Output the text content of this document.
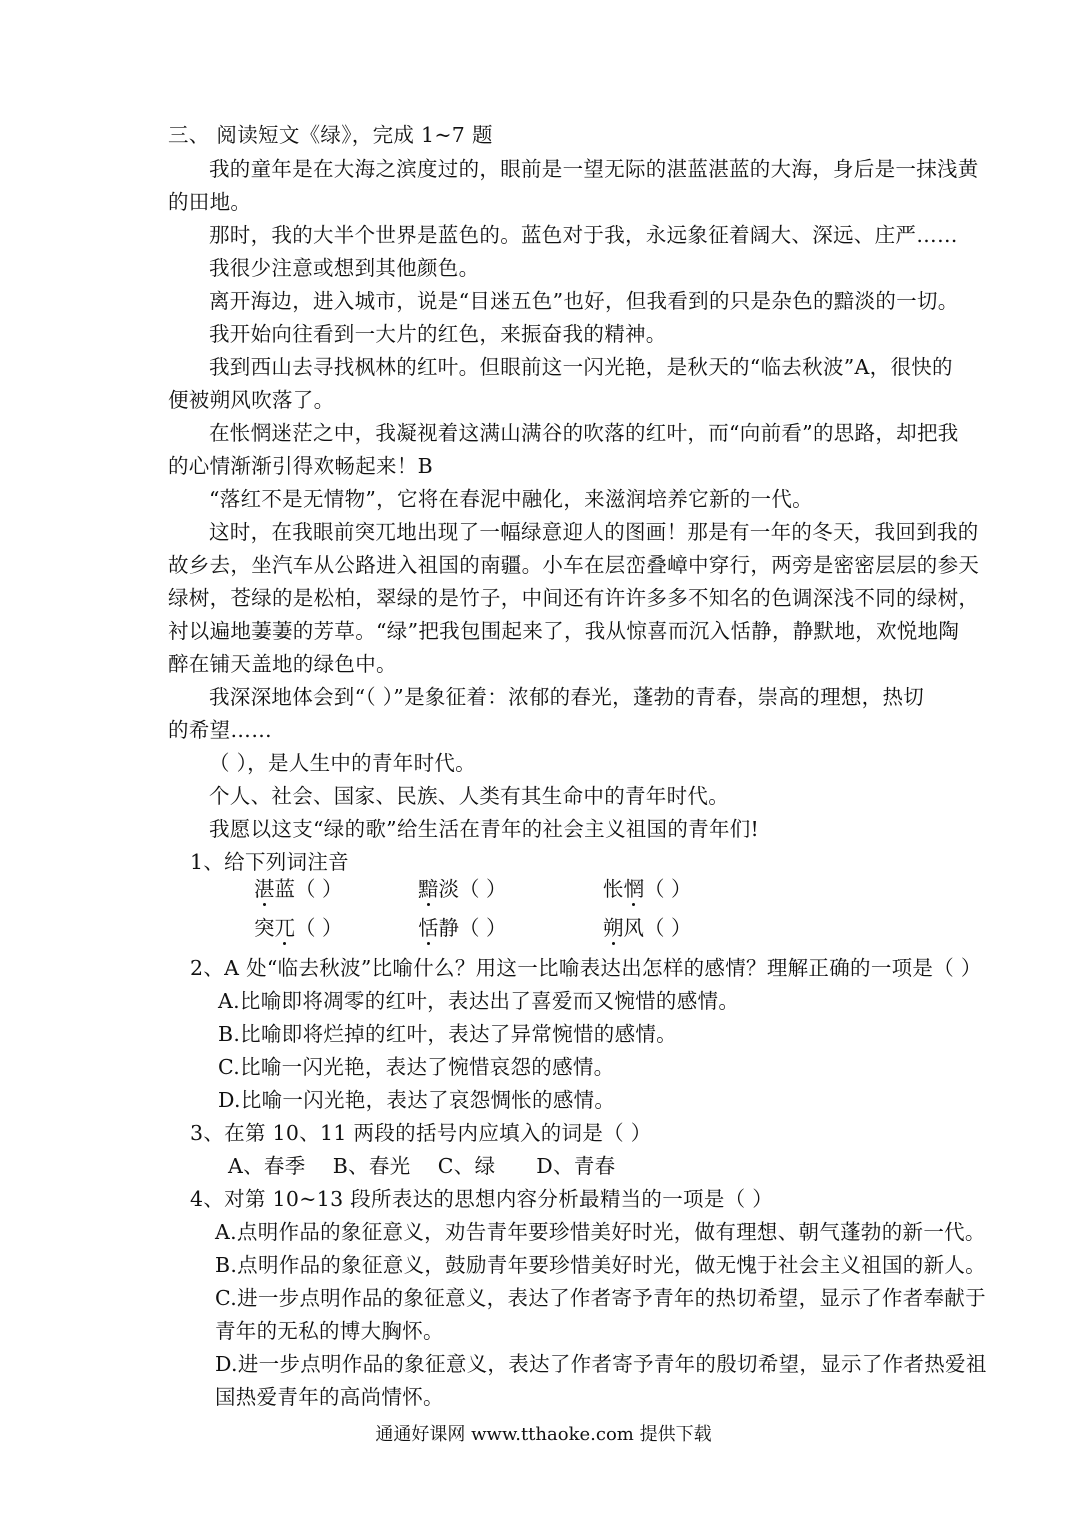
三、 阅读短文《绿》，完成 1~7 题
我的童年是在大海之滨度过的，眼前是一望无际的湛蓝湛蓝的大海，身后是一抹浅黄
的田地。
那时，我的大半个世界是蓝色的。蓝色对于我，永远象征着阔大、深远、庄严……
我很少注意或想到其他颜色。
离开海边，进入城市，说是“目迷五色”也好，但我看到的只是杂色的黯淡的一切。
我开始向往看到一大片的红色，来振奋我的精神。
我到西山去寻找枫林的红叶。但眼前这一闪光艳，是秋天的“临去秋波”A，很快的
便被朔风吹落了。
在怅惘迷茫之中，我凝视着这满山满谷的吹落的红叶，而“向前看”的思路，却把我
的心情渐渐引得欢畅起来！B
“落红不是无情物”，它将在春泥中融化，来滋润培养它新的一代。
这时，在我眼前突兀地出现了一幅绿意迎人的图画！那是有一年的冬天，我回到我的
故乡去，坐汽车从公路进入祖国的南疆。小车在层峦叠嶂中穿行，两旁是密密层层的参天
绿树，苍绿的是松柏，翠绿的是竹子，中间还有许许多多不知名的色调深浅不同的绿树，
衬以遍地萋萋的芳草。“绿”把我包围起来了，我从惊喜而沉入恬静，静默地，欢悦地陶
醉在铺天盖地的绿色中。
我深深地体会到“（ ）”是象征着：浓郁的春光，蓬勃的青春，崇高的理想，热切
的希望……
（ ），是人生中的青年时代。
个人、社会、国家、民族、人类有其生命中的青年时代。
我愿以这支“绿的歌”给生活在青年的社会主义祖国的青年们!
1、给下列词注音
湛蓝（ ）	黯淡（ ）	怅惘（ ）
突兀（ ）	恬静（ ）	朔风（ ）
2、A 处“临去秋波”比喻什么？用这一比喻表达出怎样的感情？理解正确的一项是（ ）
A.比喻即将凋零的红叶，表达出了喜爱而又惋惜的感情。
B.比喻即将烂掉的红叶，表达了异常惋惜的感情。
C.比喻一闪光艳，表达了惋惜哀怨的感情。
D.比喻一闪光艳，表达了哀怨惆怅的感情。
3、在第 10、11 两段的括号内应填入的词是（ ）
A、春季    B、春光    C、绿      D、青春
4、对第 10~13 段所表达的思想内容分析最精当的一项是（ ）
A.点明作品的象征意义，劝告青年要珍惜美好时光，做有理想、朝气蓬勃的新一代。
B.点明作品的象征意义，鼓励青年要珍惜美好时光，做无愧于社会主义祖国的新人。
C.进一步点明作品的象征意义，表达了作者寄予青年的热切希望，显示了作者奉献于
青年的无私的博大胸怀。
D.进一步点明作品的象征意义，表达了作者寄予青年的殷切希望，显示了作者热爱祖
国热爱青年的高尚情怀。
通通好课网 www.tthaoke.com 提供下载
